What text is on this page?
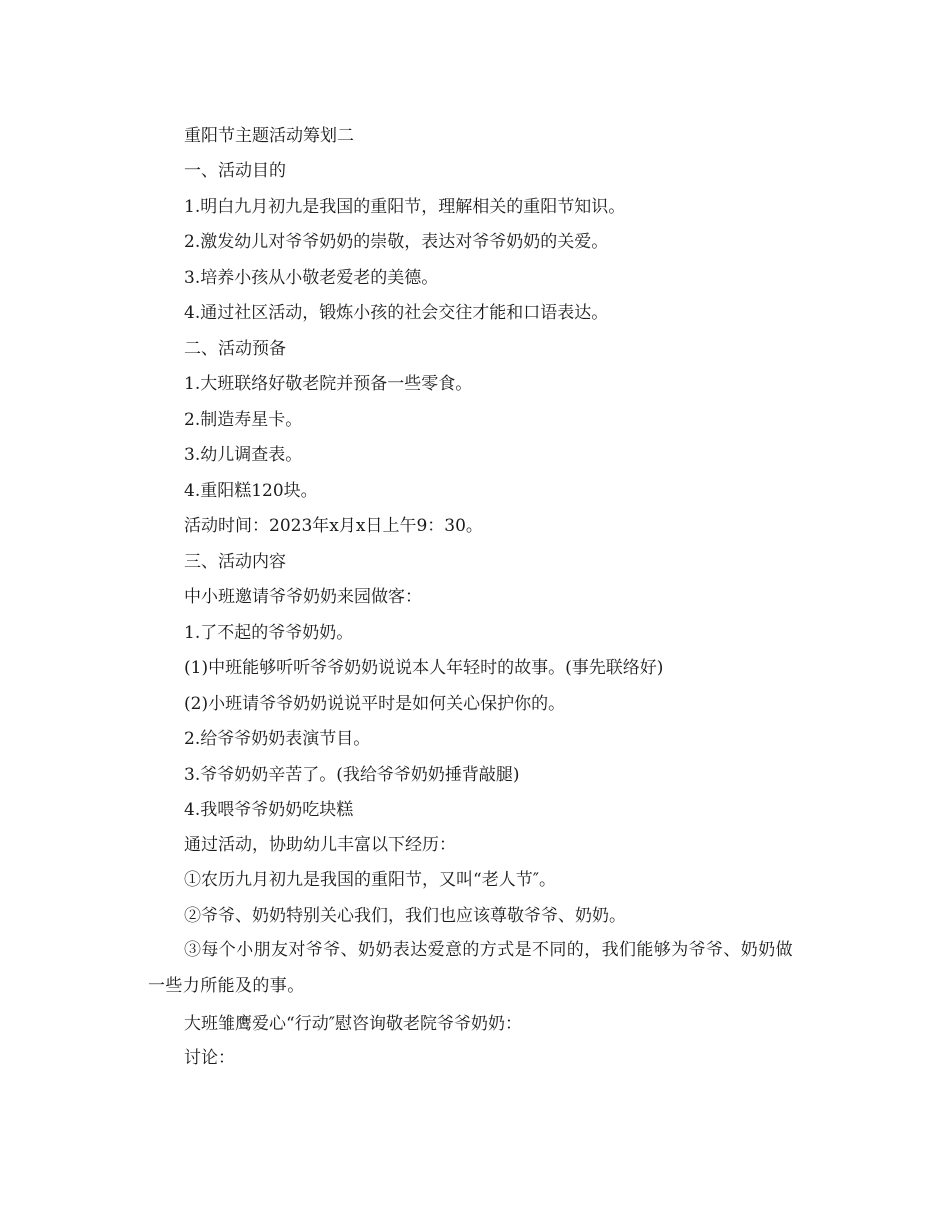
重阳节主题活动筹划二
一、活动目的
1.明白九月初九是我国的重阳节，理解相关的重阳节知识。
2.激发幼儿对爷爷奶奶的崇敬，表达对爷爷奶奶的关爱。
3.培养小孩从小敬老爱老的美德。
4.通过社区活动，锻炼小孩的社会交往才能和口语表达。
二、活动预备
1.大班联络好敬老院并预备一些零食。
2.制造寿星卡。
3.幼儿调查表。
4.重阳糕120块。
活动时间：2023年x月x日上午9：30。
三、活动内容
中小班邀请爷爷奶奶来园做客：
1.了不起的爷爷奶奶。
(1)中班能够听听爷爷奶奶说说本人年轻时的故事。(事先联络好)
(2)小班请爷爷奶奶说说平时是如何关心保护你的。
2.给爷爷奶奶表演节目。
3.爷爷奶奶辛苦了。(我给爷爷奶奶捶背敲腿)
4.我喂爷爷奶奶吃块糕
通过活动，协助幼儿丰富以下经历：
①农历九月初九是我国的重阳节，又叫“老人节″。
②爷爷、奶奶特别关心我们，我们也应该尊敬爷爷、奶奶。
③每个小朋友对爷爷、奶奶表达爱意的方式是不同的，我们能够为爷爷、奶奶做一些力所能及的事。
大班雏鹰爱心“行动″慰咨询敬老院爷爷奶奶：
讨论：
